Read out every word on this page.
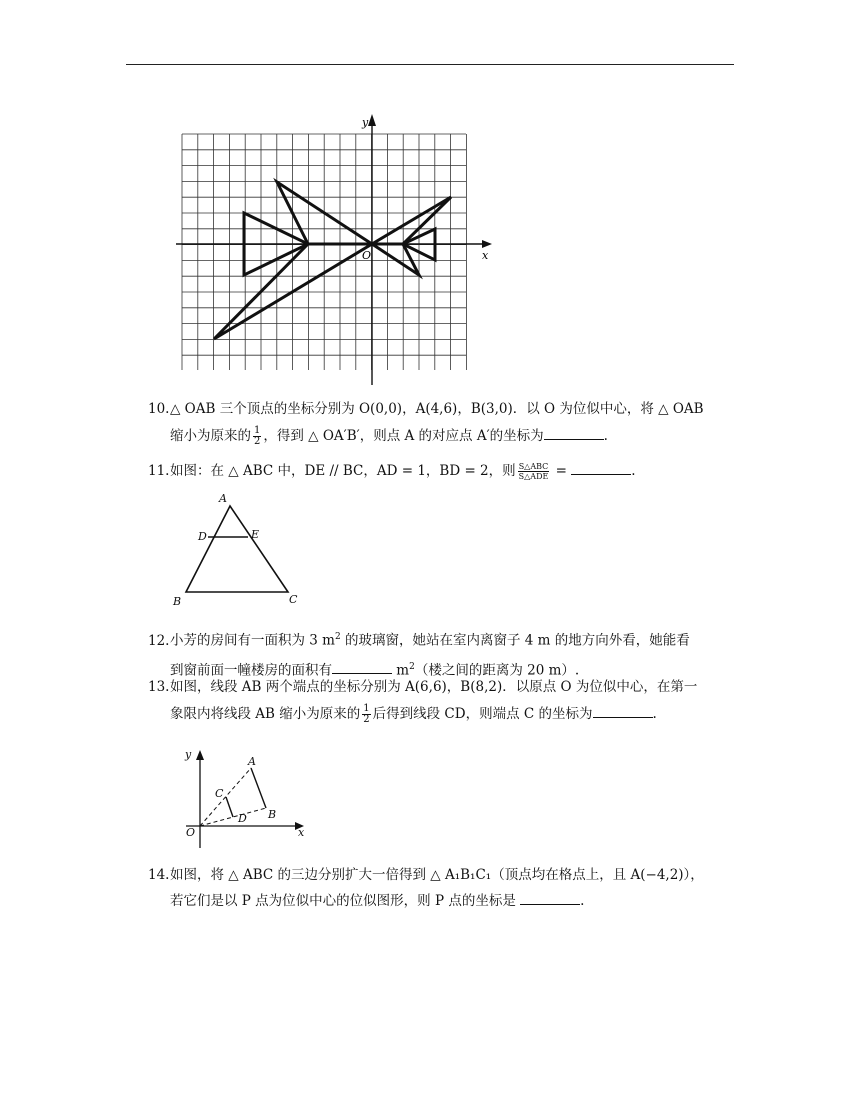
y
x
O
10.△ OAB 三个顶点的坐标分别为 O(0,0)，A(4,6)，B(3,0)．以 O 为位似中心，将 △ OAB
缩小为原来的 $\frac{1}{2}$ ，得到 △ OA′B′，则点 A 的对应点 A′的坐标为	.
11.如图：在 △ ABC 中，DE // BC，AD = 1，BD = 2，则 $\frac{\text{S△ABC}}{\text{S△ADE}}$ =	.
A
D	E
B	C
12.小芳的房间有一面积为 3 $m^2$ 的玻璃窗，她站在室内离窗子 4 m 的地方向外看，她能看
到窗前面一幢楼房的面积有	$m^2$（楼之间的距离为 20 m）.
13.如图，线段 AB 两个端点的坐标分别为 A(6,6)，B(8,2)．以原点 O 为位似中心，在第一
象限内将线段 AB 缩小为原来的 $\frac{1}{2}$ 后得到线段 CD，则端点 C 的坐标为	.
y
A
C
B
D
O	x
14.如图，将 △ ABC 的三边分别扩大一倍得到 △ A₁B₁C₁（顶点均在格点上，且 A(−4,2)），
若它们是以 P 点为位似中心的位似图形，则 P 点的坐标是	.
